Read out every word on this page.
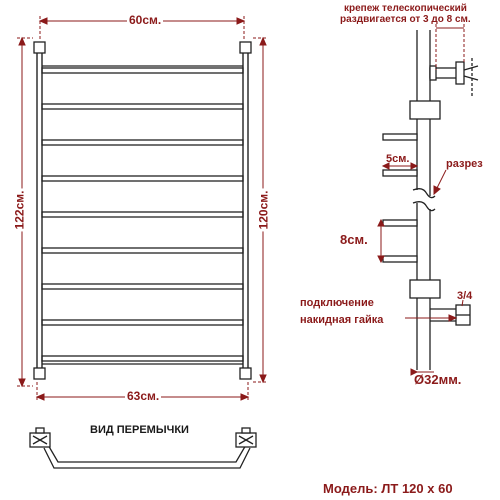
60см.
63см.
122см.	120см.
ВИД ПЕРЕМЫЧКИ
крепеж телескопический
раздвигается от 3 до 8 см.
5см.	разрез
8см.
подключение
накидная гайка
3/4
Ø32мм.
Модель: ЛТ 120 х 60
